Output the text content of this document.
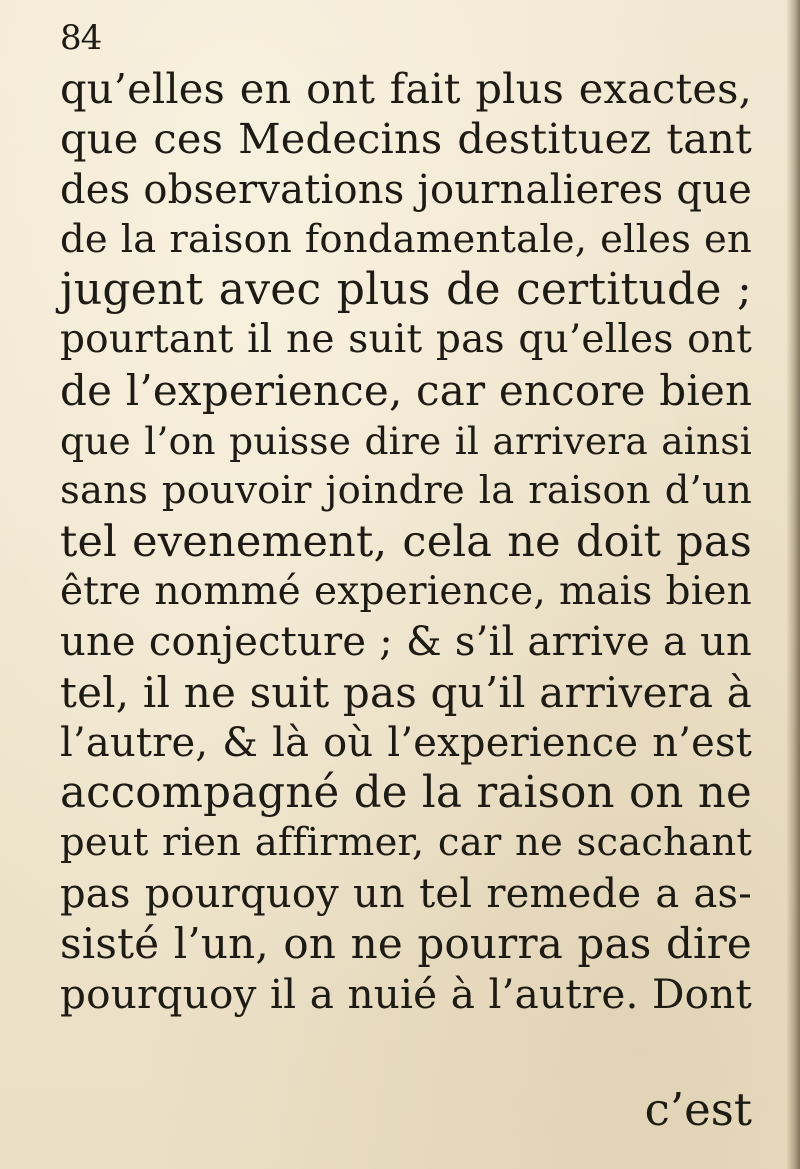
84
qu’elles en ont fait plus exactes,
que ces Medecins destituez tant
des observations journalieres que
de la raison fondamentale, elles en
jugent avec plus de certitude ;
pourtant il ne suit pas qu’elles ont
de l’experience, car encore bien
que l’on puisse dire il arrivera ainsi
sans pouvoir joindre la raison d’un
tel evenement, cela ne doit pas
être nommé experience, mais bien
une conjecture ; & s’il arrive a un
tel, il ne suit pas qu’il arrivera à
l’autre, & là où l’experience n’est
accompagné de la raison on ne
peut rien affirmer, car ne scachant
pas pourquoy un tel remede a as-
sisté l’un, on ne pourra pas dire
pourquoy il a nuié à l’autre. Dont
c’est
